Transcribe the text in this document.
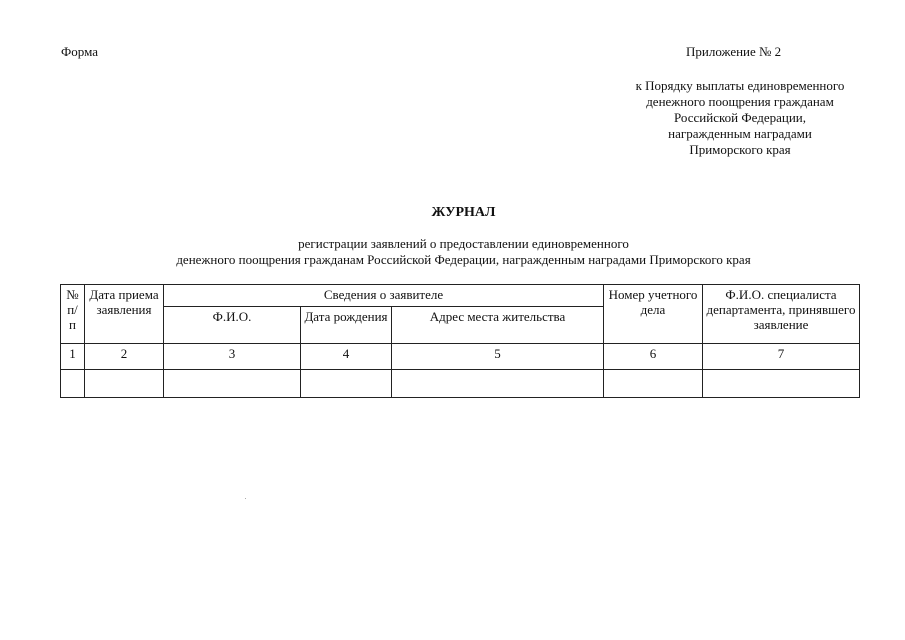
Форма	Приложение № 2
к Порядку выплаты единовременного
денежного поощрения гражданам
Российской Федерации,
награжденным наградами
Приморского края
ЖУРНАЛ
регистрации заявлений о предоставлении единовременного
денежного поощрения гражданам Российской Федерации, награжденным наградами Приморского края
№ п/ п	Дата приема заявления	Сведения о заявителе			Номер учетного дела	Ф.И.О. специалиста департамента, принявшего заявление
		Ф.И.О.	Дата рождения	Адрес места жительства		
1	2	3	4	5	6	7
